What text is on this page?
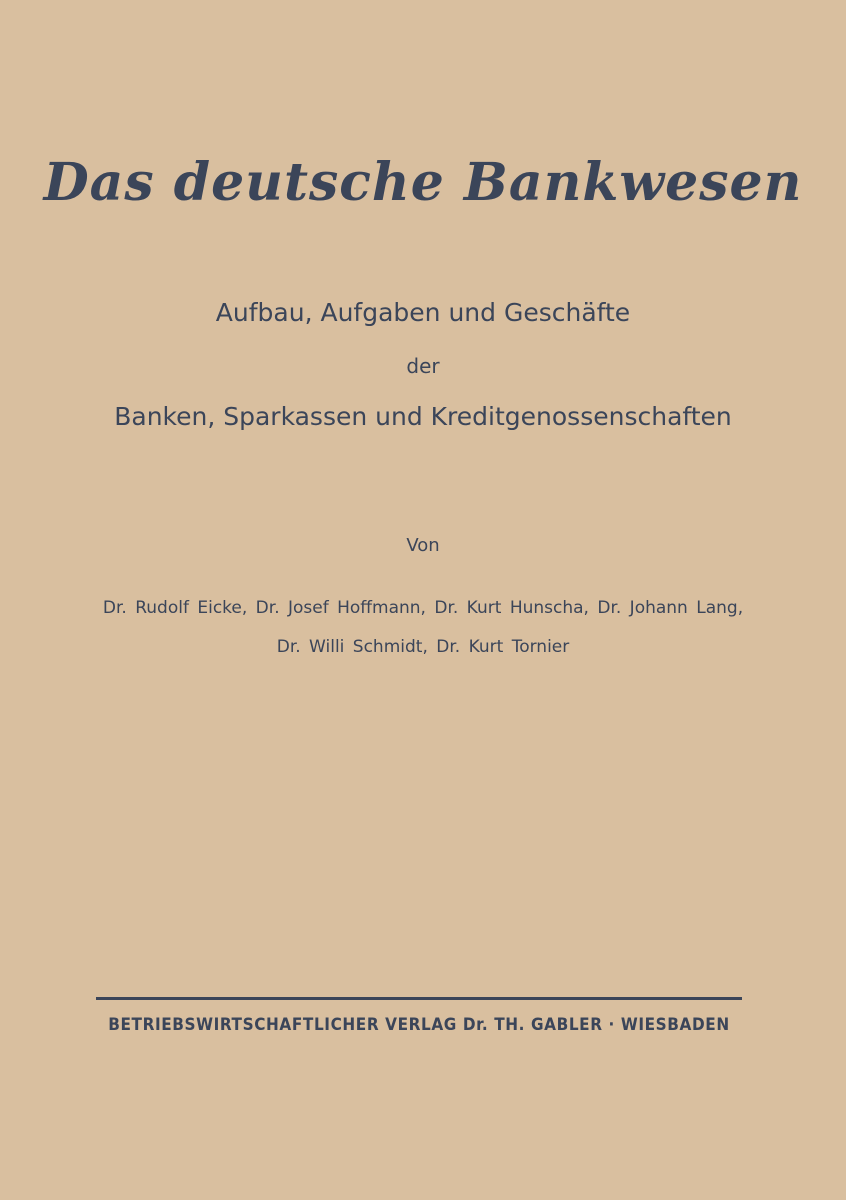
Das deutsche Bankwesen
Aufbau, Aufgaben und Geschäfte
der
Banken, Sparkassen und Kreditgenossenschaften
Von
Dr. Rudolf Eicke, Dr. Josef Hoffmann, Dr. Kurt Hunscha, Dr. Johann Lang,
Dr. Willi Schmidt, Dr. Kurt Tornier
BETRIEBSWIRTSCHAFTLICHER VERLAG Dr. TH. GABLER · WIESBADEN
